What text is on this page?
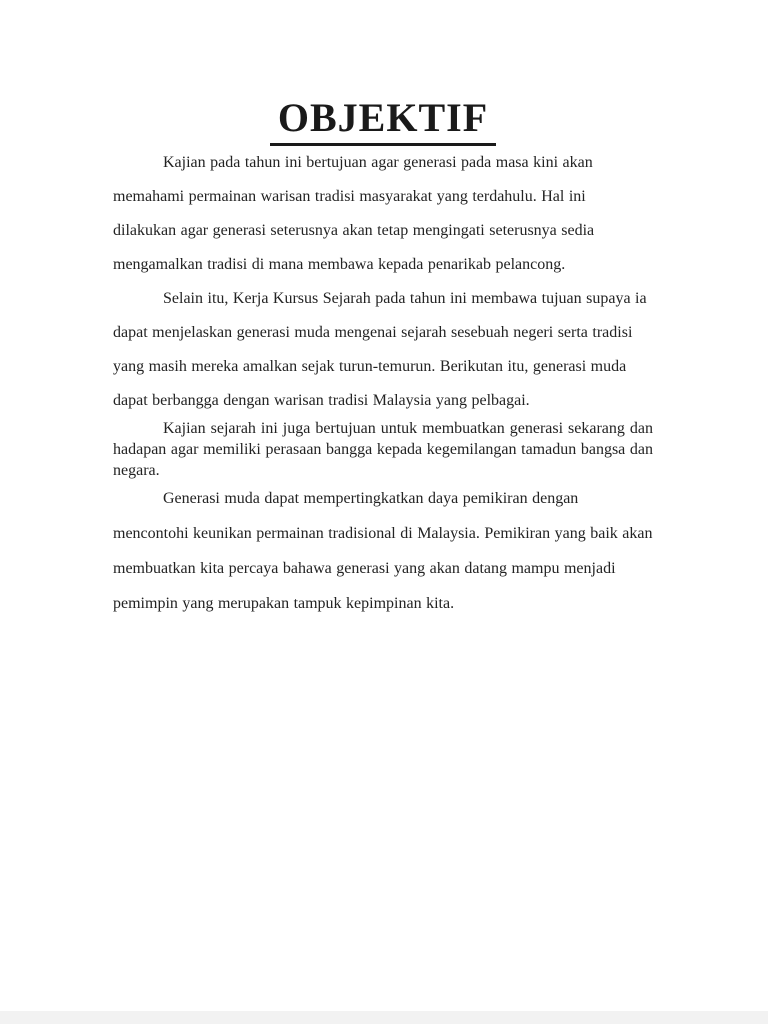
OBJEKTIF

Kajian pada tahun ini bertujuan agar generasi pada masa kini akan memahami permainan warisan tradisi masyarakat yang terdahulu. Hal ini dilakukan agar generasi seterusnya akan tetap mengingati seterusnya sedia mengamalkan tradisi di mana membawa kepada penarikab pelancong.

Selain itu, Kerja Kursus Sejarah pada tahun ini membawa tujuan supaya ia dapat menjelaskan generasi muda mengenai sejarah sesebuah negeri serta tradisi yang masih mereka amalkan sejak turun-temurun. Berikutan itu, generasi muda dapat berbangga dengan warisan tradisi Malaysia yang pelbagai.

Kajian sejarah ini juga bertujuan untuk membuatkan generasi sekarang dan hadapan agar memiliki perasaan bangga kepada kegemilangan tamadun bangsa dan negara.

Generasi muda dapat mempertingkatkan daya pemikiran dengan mencontohi keunikan permainan tradisional di Malaysia. Pemikiran yang baik akan membuatkan kita percaya bahawa generasi yang akan datang mampu menjadi pemimpin yang merupakan tampuk kepimpinan kita.
